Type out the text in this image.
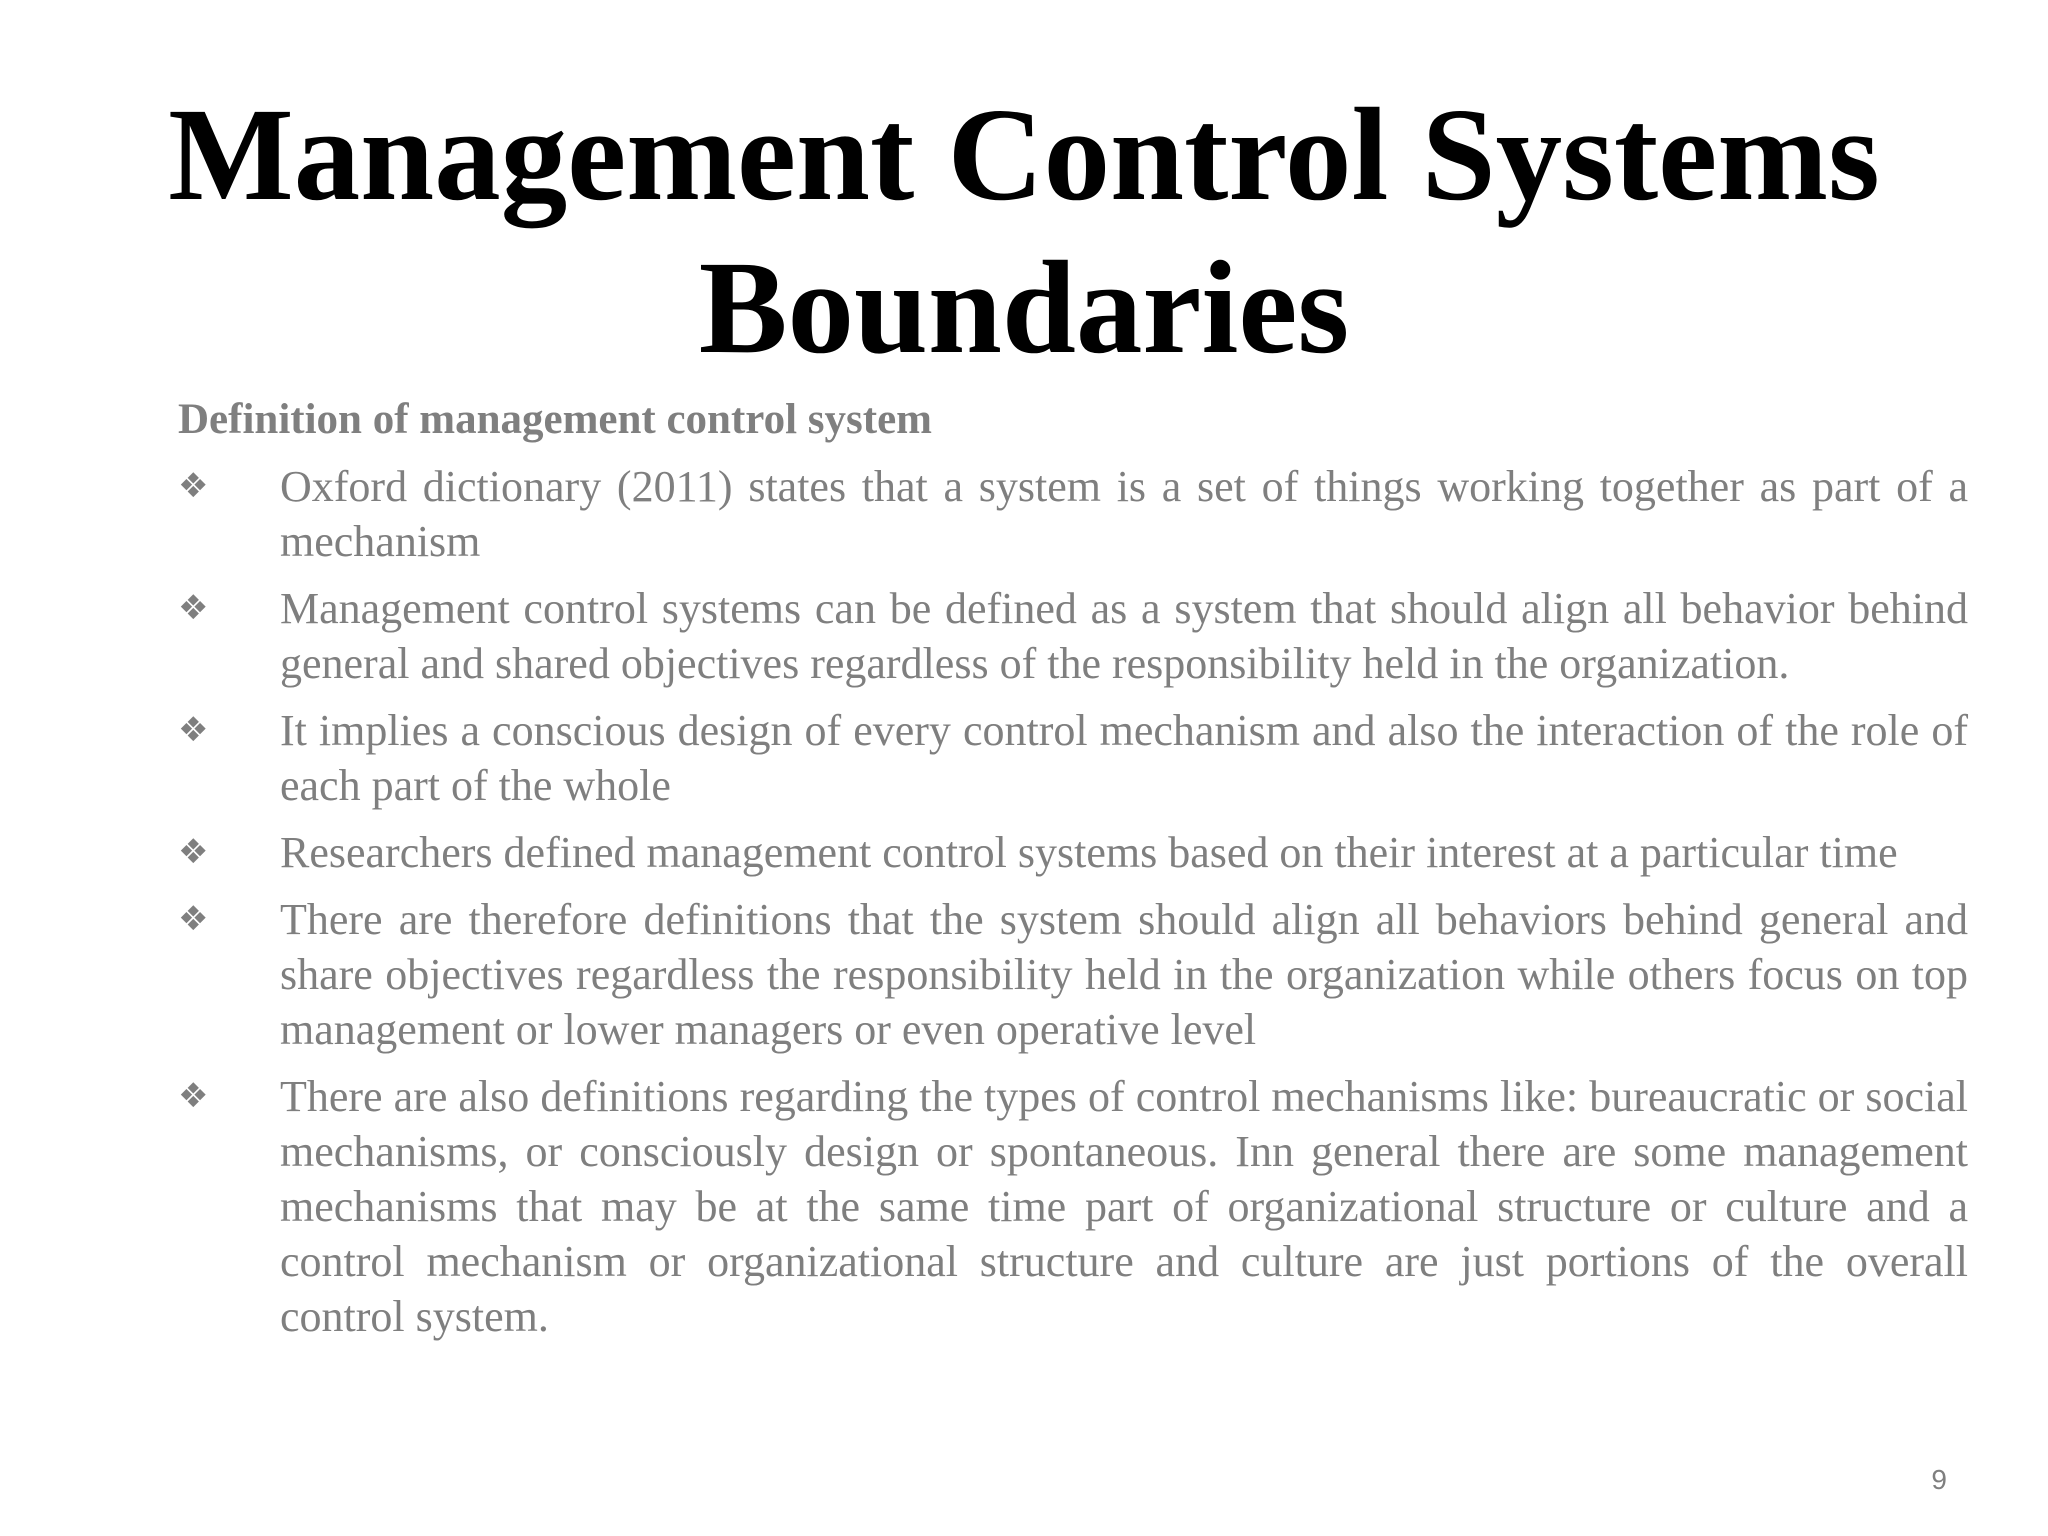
Management Control Systems
Boundaries
Definition of management control system
❖ Oxford dictionary (2011) states that a system is a set of things working together as part of a mechanism
❖ Management control systems can be defined as a system that should align all behavior behind general and shared objectives regardless of the responsibility held in the organization.
❖ It implies a conscious design of every control mechanism and also the interaction of the role of each part of the whole
❖ Researchers defined management control systems based on their interest at a particular time
❖ There are therefore definitions that the system should align all behaviors behind general and share objectives regardless the responsibility held in the organization while others focus on top management or lower managers or even operative level
❖ There are also definitions regarding the types of control mechanisms like: bureaucratic or social mechanisms, or consciously design or spontaneous. Inn general there are some management mechanisms that may be at the same time part of organizational structure or culture and a control mechanism or organizational structure and culture are just portions of the overall control system.
9
